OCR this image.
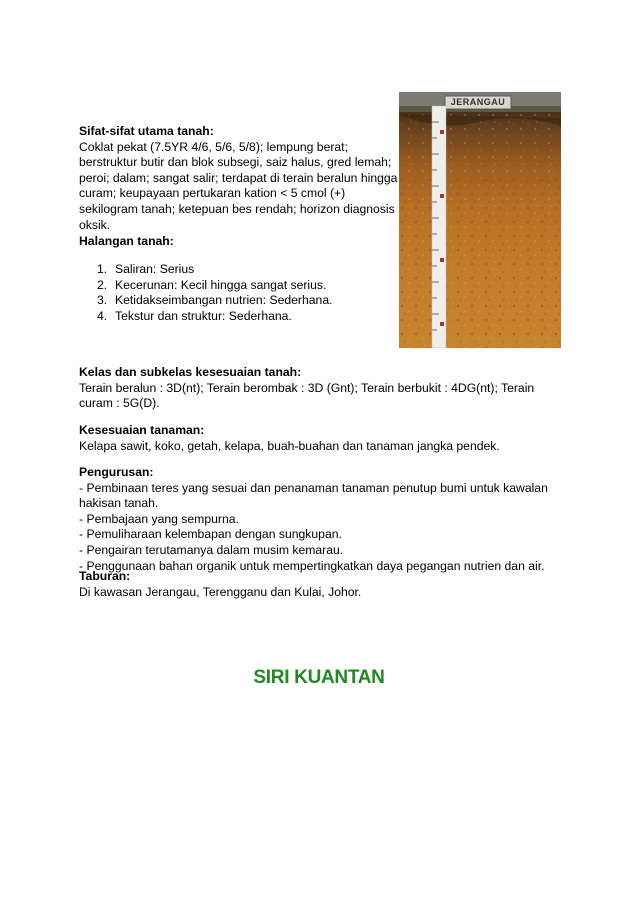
Sifat-sifat utama tanah:
Coklat pekat (7.5YR 4/6, 5/6, 5/8); lempung berat;
berstruktur butir dan blok subsegi, saiz halus, gred lemah;
peroi; dalam; sangat salir; terdapat di terain beralun hingga
curam; keupayaan pertukaran kation < 5 cmol (+)
sekilogram tanah; ketepuan bes rendah; horizon diagnosis
oksik.
Halangan tanah:
1. Saliran: Serius
2. Kecerunan: Kecil hingga sangat serius.
3. Ketidakseimbangan nutrien: Sederhana.
4. Tekstur dan struktur: Sederhana.
JERANGAU
Kelas dan subkelas kesesuaian tanah:
Terain beralun : 3D(nt); Terain berombak : 3D (Gnt); Terain berbukit : 4DG(nt); Terain
curam : 5G(D).
Kesesuaian tanaman:
Kelapa sawit, koko, getah, kelapa, buah-buahan dan tanaman jangka pendek.
Pengurusan:
- Pembinaan teres yang sesuai dan penanaman tanaman penutup bumi untuk kawalan
hakisan tanah.
- Pembajaan yang sempurna.
- Pemuliharaan kelembapan dengan sungkupan.
- Pengairan terutamanya dalam musim kemarau.
- Penggunaan bahan organik untuk mempertingkatkan daya pegangan nutrien dan air.
Taburan:
Di kawasan Jerangau, Terengganu dan Kulai, Johor.
SIRI KUANTAN
